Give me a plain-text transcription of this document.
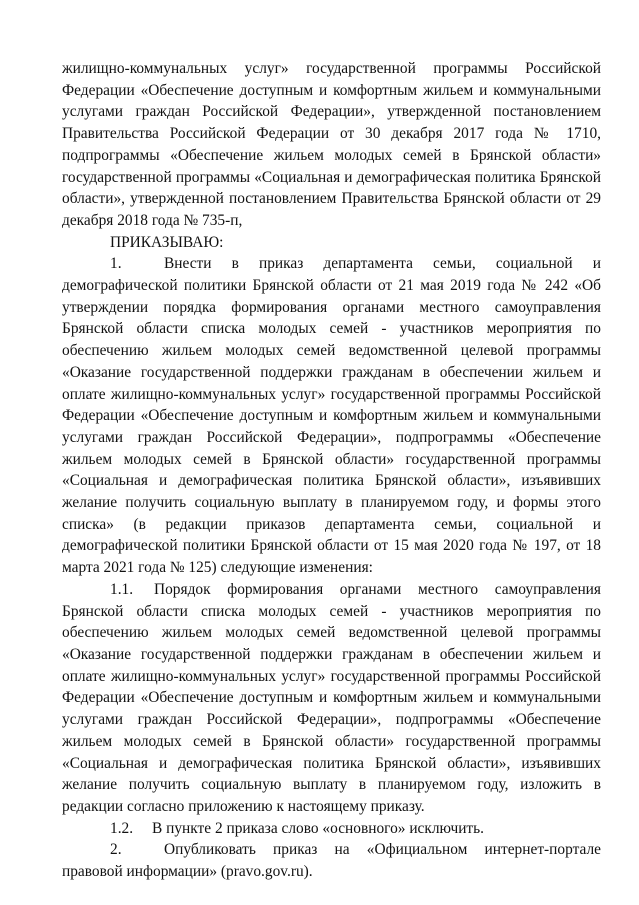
жилищно-коммунальных услуг» государственной программы Российской Федерации «Обеспечение доступным и комфортным жильем и коммунальными услугами граждан Российской Федерации», утвержденной постановлением Правительства Российской Федерации от 30 декабря 2017 года № 1710, подпрограммы «Обеспечение жильем молодых семей в Брянской области» государственной программы «Социальная и демографическая политика Брянской области», утвержденной постановлением Правительства Брянской области от 29 декабря 2018 года № 735-п,

ПРИКАЗЫВАЮ:

1.	Внести в приказ департамента семьи, социальной и демографической политики Брянской области от 21 мая 2019 года № 242 «Об утверждении порядка формирования органами местного самоуправления Брянской области списка молодых семей - участников мероприятия по обеспечению жильем молодых семей ведомственной целевой программы «Оказание государственной поддержки гражданам в обеспечении жильем и оплате жилищно-коммунальных услуг» государственной программы Российской Федерации «Обеспечение доступным и комфортным жильем и коммунальными услугами граждан Российской Федерации», подпрограммы «Обеспечение жильем молодых семей в Брянской области» государственной программы «Социальная и демографическая политика Брянской области», изъявивших желание получить социальную выплату в планируемом году, и формы этого списка» (в редакции приказов департамента семьи, социальной и демографической политики Брянской области от 15 мая 2020 года № 197, от 18 марта 2021 года № 125) следующие изменения:

1.1. Порядок формирования органами местного самоуправления Брянской области списка молодых семей - участников мероприятия по обеспечению жильем молодых семей ведомственной целевой программы «Оказание государственной поддержки гражданам в обеспечении жильем и оплате жилищно-коммунальных услуг» государственной программы Российской Федерации «Обеспечение доступным и комфортным жильем и коммунальными услугами граждан Российской Федерации», подпрограммы «Обеспечение жильем молодых семей в Брянской области» государственной программы «Социальная и демографическая политика Брянской области», изъявивших желание получить социальную выплату в планируемом году, изложить в редакции согласно приложению к настоящему приказу.

1.2. В пункте 2 приказа слово «основного» исключить.

2.	Опубликовать приказ на «Официальном интернет-портале правовой информации» (pravo.gov.ru).
